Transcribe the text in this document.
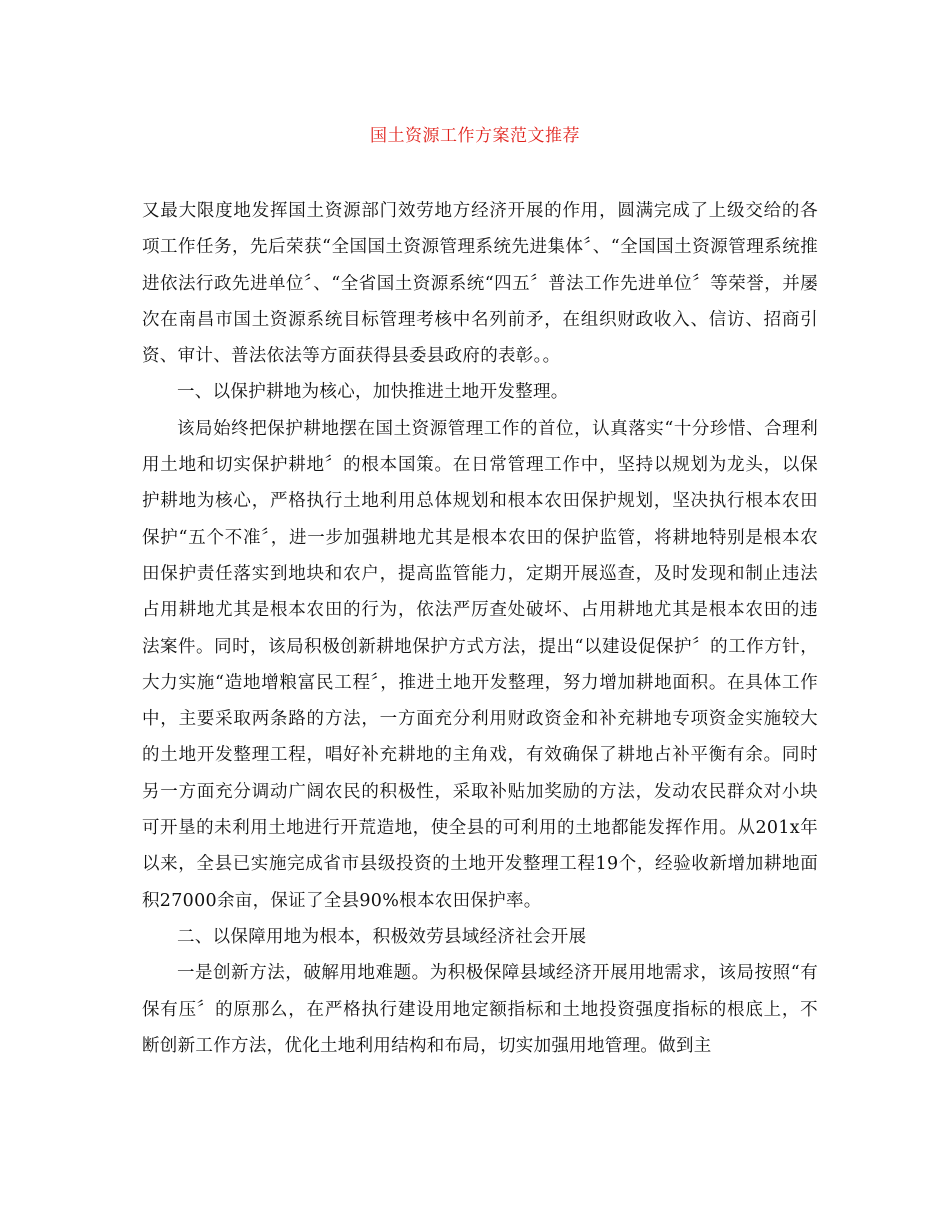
国土资源工作方案范文推荐

又最大限度地发挥国土资源部门效劳地方经济开展的作用，圆满完成了上级交给的各项工作任务，先后荣获“全国国土资源管理系统先进集体〞、“全国国土资源管理系统推进依法行政先进单位〞、“全省国土资源系统“四五〞普法工作先进单位〞等荣誉，并屡次在南昌市国土资源系统目标管理考核中名列前矛，在组织财政收入、信访、招商引资、审计、普法依法等方面获得县委县政府的表彰。。

一、以保护耕地为核心，加快推进土地开发整理。

该局始终把保护耕地摆在国土资源管理工作的首位，认真落实“十分珍惜、合理利用土地和切实保护耕地〞的根本国策。在日常管理工作中，坚持以规划为龙头，以保护耕地为核心，严格执行土地利用总体规划和根本农田保护规划，坚决执行根本农田保护“五个不准〞，进一步加强耕地尤其是根本农田的保护监管，将耕地特别是根本农田保护责任落实到地块和农户，提高监管能力，定期开展巡查，及时发现和制止违法占用耕地尤其是根本农田的行为，依法严厉查处破坏、占用耕地尤其是根本农田的违法案件。同时，该局积极创新耕地保护方式方法，提出“以建设促保护〞的工作方针，大力实施“造地增粮富民工程〞，推进土地开发整理，努力增加耕地面积。在具体工作中，主要采取两条路的方法，一方面充分利用财政资金和补充耕地专项资金实施较大的土地开发整理工程，唱好补充耕地的主角戏，有效确保了耕地占补平衡有余。同时另一方面充分调动广阔农民的积极性，采取补贴加奖励的方法，发动农民群众对小块可开垦的未利用土地进行开荒造地，使全县的可利用的土地都能发挥作用。从201x年以来，全县已实施完成省市县级投资的土地开发整理工程19个，经验收新增加耕地面积27000余亩，保证了全县90%根本农田保护率。

二、以保障用地为根本，积极效劳县域经济社会开展

一是创新方法，破解用地难题。为积极保障县域经济开展用地需求，该局按照“有保有压〞的原那么，在严格执行建设用地定额指标和土地投资强度指标的根底上，不断创新工作方法，优化土地利用结构和布局，切实加强用地管理。做到主
